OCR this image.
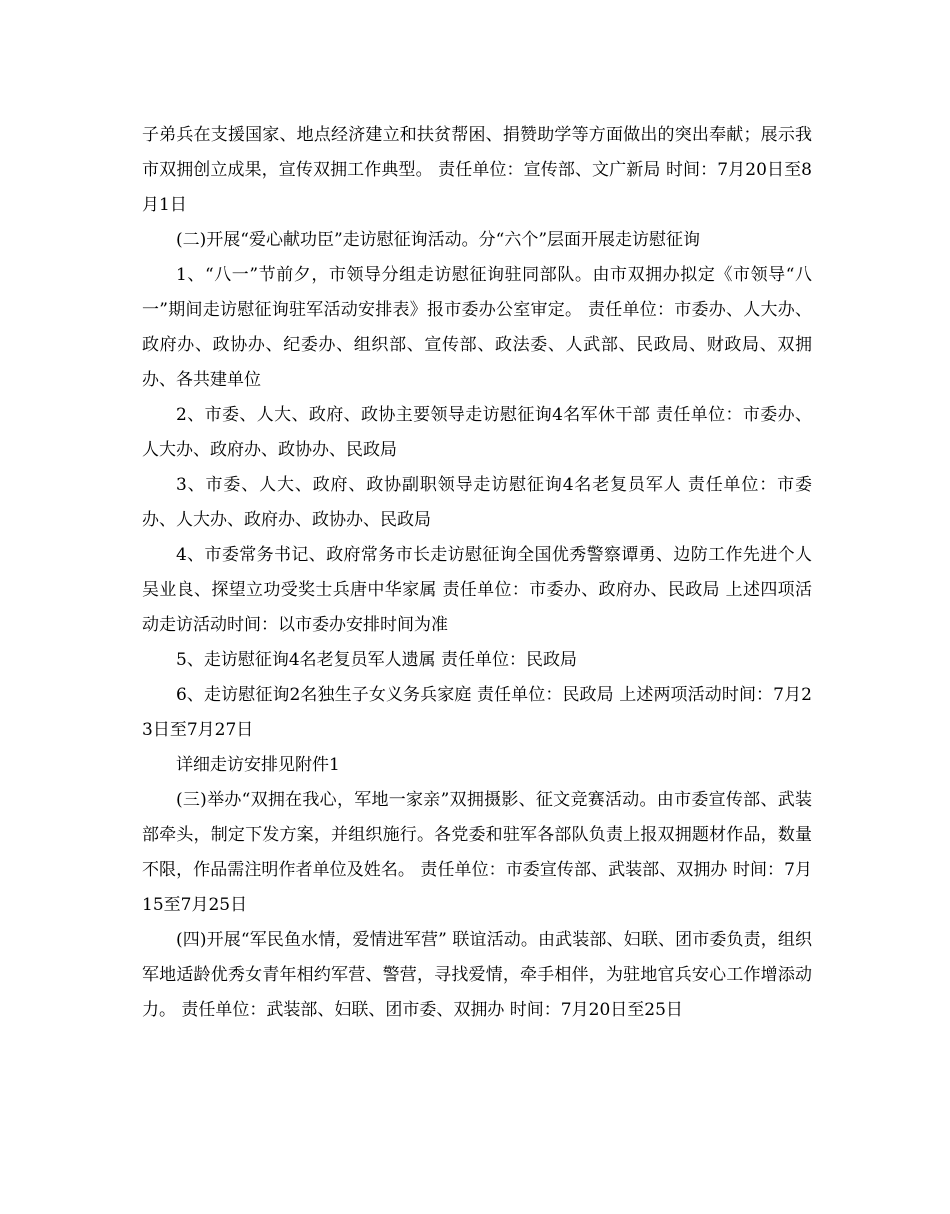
子弟兵在支援国家、地点经济建立和扶贫帮困、捐赞助学等方面做出的突出奉献；展示我市双拥创立成果，宣传双拥工作典型。 责任单位：宣传部、文广新局 时间：7月20日至8月1日

(二)开展“爱心献功臣”走访慰征询活动。分“六个”层面开展走访慰征询

1、“八一”节前夕，市领导分组走访慰征询驻同部队。由市双拥办拟定《市领导“八一”期间走访慰征询驻军活动安排表》报市委办公室审定。 责任单位：市委办、人大办、政府办、政协办、纪委办、组织部、宣传部、政法委、人武部、民政局、财政局、双拥办、各共建单位

2、市委、人大、政府、政协主要领导走访慰征询4名军休干部 责任单位：市委办、人大办、政府办、政协办、民政局

3、市委、人大、政府、政协副职领导走访慰征询4名老复员军人 责任单位：市委办、人大办、政府办、政协办、民政局

4、市委常务书记、政府常务市长走访慰征询全国优秀警察谭勇、边防工作先进个人吴业良、探望立功受奖士兵唐中华家属 责任单位：市委办、政府办、民政局 上述四项活动走访活动时间：以市委办安排时间为准

5、走访慰征询4名老复员军人遗属 责任单位：民政局

6、走访慰征询2名独生子女义务兵家庭 责任单位：民政局 上述两项活动时间：7月23日至7月27日

详细走访安排见附件1

(三)举办“双拥在我心，军地一家亲”双拥摄影、征文竞赛活动。由市委宣传部、武装部牵头，制定下发方案，并组织施行。各党委和驻军各部队负责上报双拥题材作品，数量不限，作品需注明作者单位及姓名。 责任单位：市委宣传部、武装部、双拥办 时间：7月15至7月25日

(四)开展“军民鱼水情，爱情进军营” 联谊活动。由武装部、妇联、团市委负责，组织军地适龄优秀女青年相约军营、警营，寻找爱情，牵手相伴，为驻地官兵安心工作增添动力。 责任单位：武装部、妇联、团市委、双拥办 时间：7月20日至25日
